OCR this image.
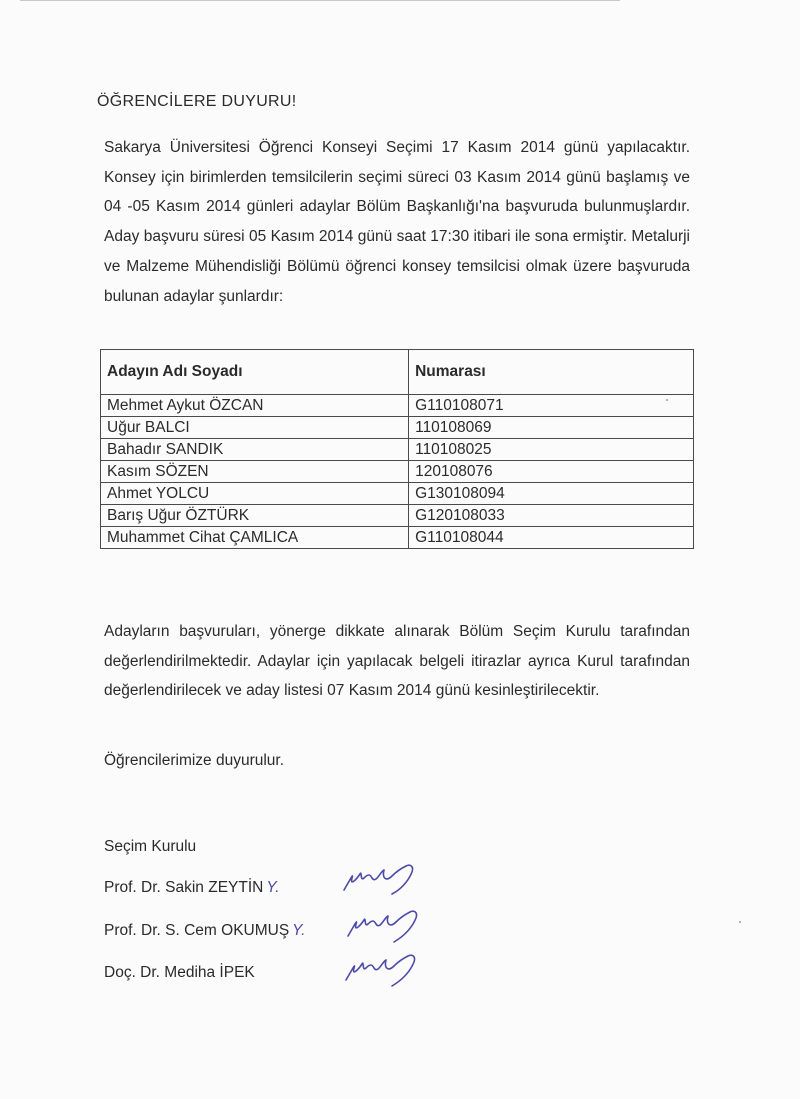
ÖĞRENCİLERE DUYURU!
Sakarya Üniversitesi Öğrenci Konseyi Seçimi 17 Kasım 2014 günü yapılacaktır. Konsey için birimlerden temsilcilerin seçimi süreci 03 Kasım 2014 günü başlamış ve 04 -05 Kasım 2014 günleri adaylar Bölüm Başkanlığı'na başvuruda bulunmuşlardır. Aday başvuru süresi 05 Kasım 2014 günü saat 17:30 itibari ile sona ermiştir. Metalurji ve Malzeme Mühendisliği Bölümü öğrenci konsey temsilcisi olmak üzere başvuruda bulunan adaylar şunlardır:
Adayın Adı Soyadı	Numarası
Mehmet Aykut ÖZCAN	G110108071
Uğur BALCI	110108069
Bahadır SANDIK	110108025
Kasım SÖZEN	120108076
Ahmet YOLCU	G130108094
Barış Uğur ÖZTÜRK	G120108033
Muhammet Cihat ÇAMLICA	G110108044
Adayların başvuruları, yönerge dikkate alınarak Bölüm Seçim Kurulu tarafından değerlendirilmektedir. Adaylar için yapılacak belgeli itirazlar ayrıca Kurul tarafından değerlendirilecek ve aday listesi 07 Kasım 2014 günü kesinleştirilecektir.
Öğrencilerimize duyurulur.
Seçim Kurulu
Prof. Dr. Sakin ZEYTİN Y.
Prof. Dr. S. Cem OKUMUŞ Y.
Doç. Dr. Mediha İPEK
